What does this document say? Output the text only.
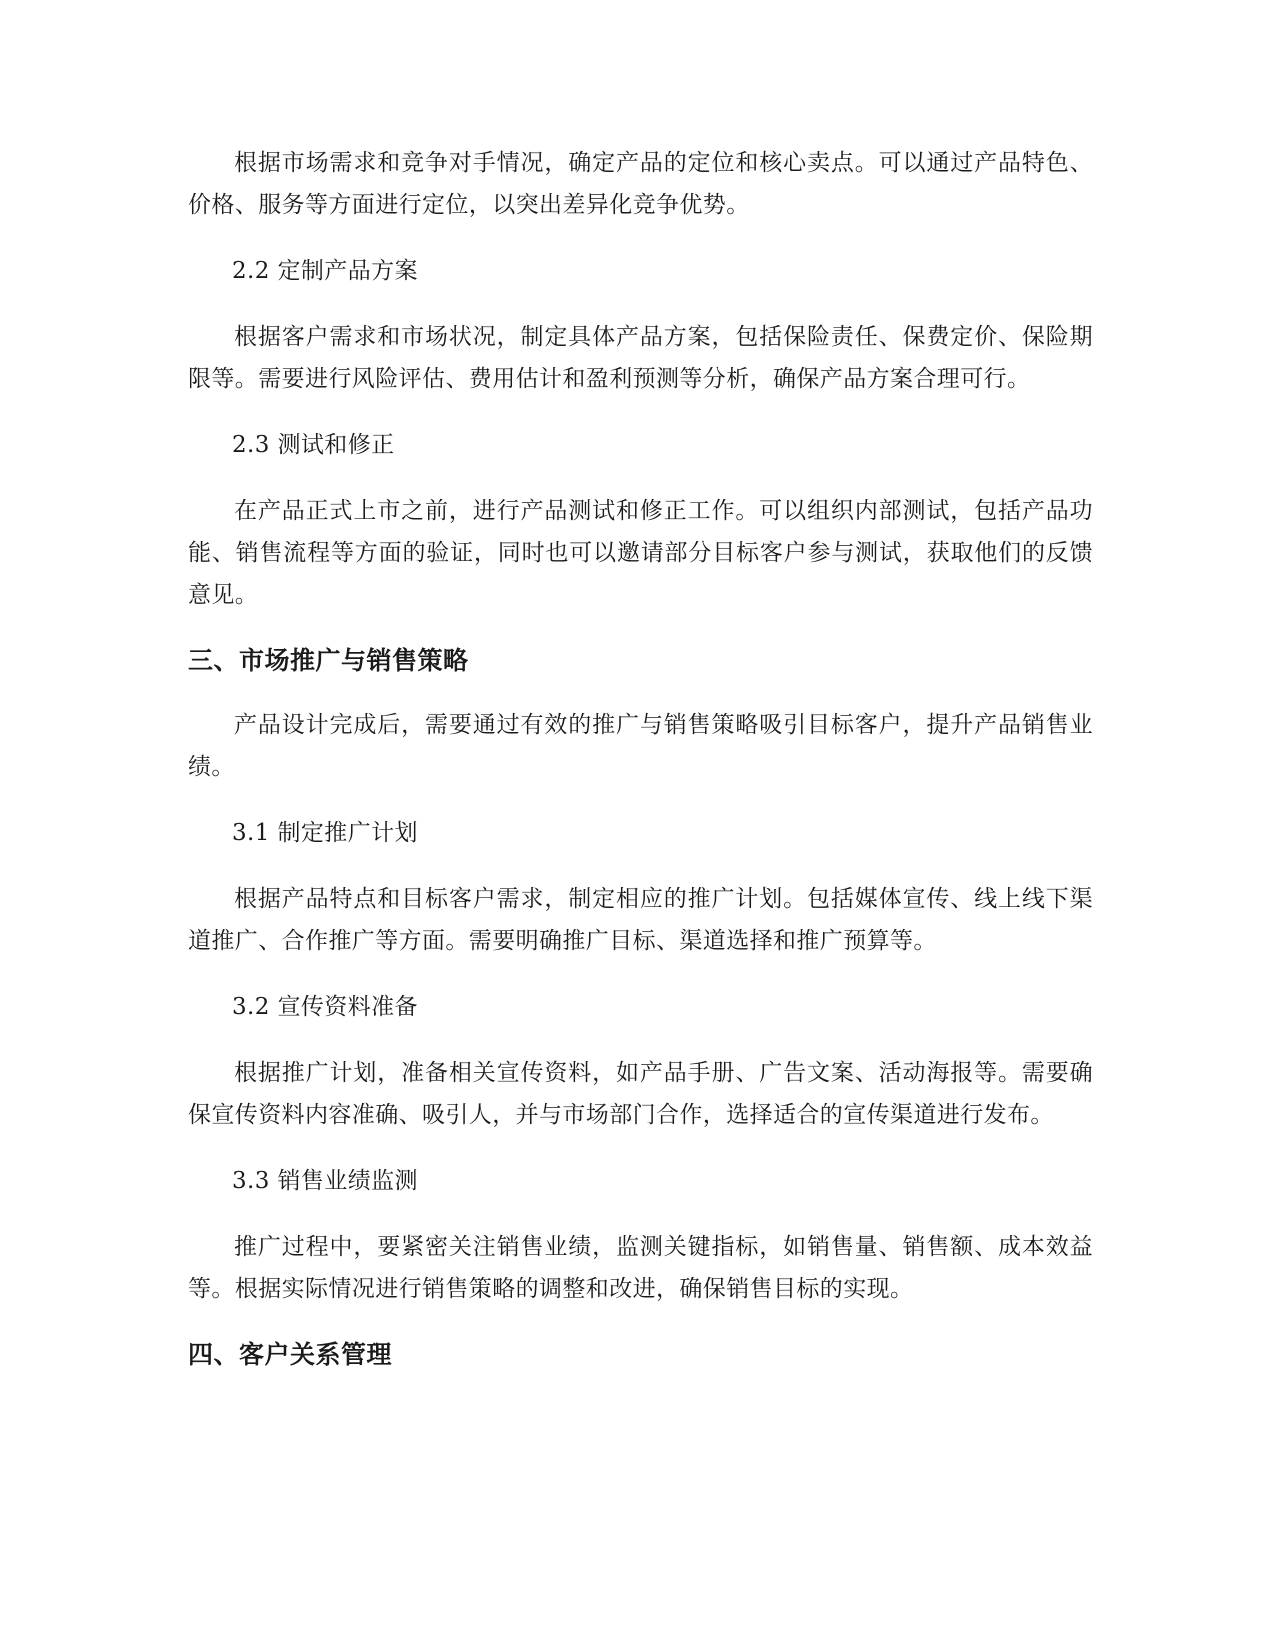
根据市场需求和竞争对手情况，确定产品的定位和核心卖点。可以通过产品特色、价格、服务等方面进行定位，以突出差异化竞争优势。

2.2 定制产品方案

根据客户需求和市场状况，制定具体产品方案，包括保险责任、保费定价、保险期限等。需要进行风险评估、费用估计和盈利预测等分析，确保产品方案合理可行。

2.3 测试和修正

在产品正式上市之前，进行产品测试和修正工作。可以组织内部测试，包括产品功能、销售流程等方面的验证，同时也可以邀请部分目标客户参与测试，获取他们的反馈意见。

三、市场推广与销售策略

产品设计完成后，需要通过有效的推广与销售策略吸引目标客户，提升产品销售业绩。

3.1 制定推广计划

根据产品特点和目标客户需求，制定相应的推广计划。包括媒体宣传、线上线下渠道推广、合作推广等方面。需要明确推广目标、渠道选择和推广预算等。

3.2 宣传资料准备

根据推广计划，准备相关宣传资料，如产品手册、广告文案、活动海报等。需要确保宣传资料内容准确、吸引人，并与市场部门合作，选择适合的宣传渠道进行发布。

3.3 销售业绩监测

推广过程中，要紧密关注销售业绩，监测关键指标，如销售量、销售额、成本效益等。根据实际情况进行销售策略的调整和改进，确保销售目标的实现。

四、客户关系管理
